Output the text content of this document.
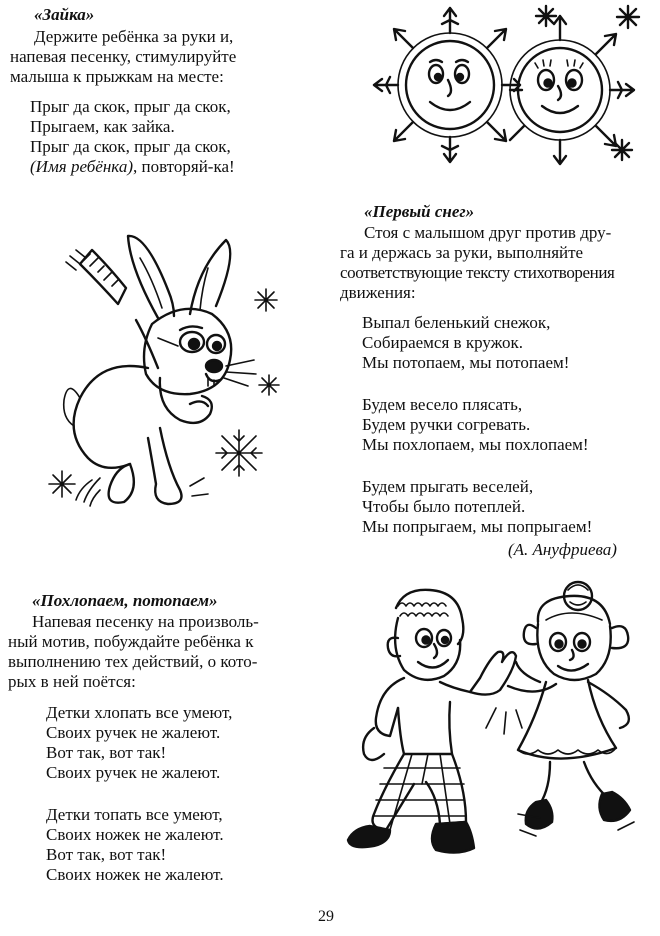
«Зайка»
Держите ребёнка за руки и,
напевая песенку, стимулируйте
малыша к прыжкам на месте:
Прыг да скок, прыг да скок,
Прыгаем, как зайка.
Прыг да скок, прыг да скок,
(Имя ребёнка), повторяй-ка!
«Первый снег»
Стоя с малышом друг против дру-
га и держась за руки, выполняйте
соответствующие тексту стихотворения
движения:
Выпал беленький снежок,
Собираемся в кружок.
Мы потопаем, мы потопаем!
Будем весело плясать,
Будем ручки согревать.
Мы похлопаем, мы похлопаем!
Будем прыгать веселей,
Чтобы было потеплей.
Мы попрыгаем, мы попрыгаем!
(А. Ануфриева)
«Похлопаем, потопаем»
Напевая песенку на произволь-
ный мотив, побуждайте ребёнка к
выполнению тех действий, о кото-
рых в ней поётся:
Детки хлопать все умеют,
Своих ручек не жалеют.
Вот так, вот так!
Своих ручек не жалеют.
Детки топать все умеют,
Своих ножек не жалеют.
Вот так, вот так!
Своих ножек не жалеют.
29
